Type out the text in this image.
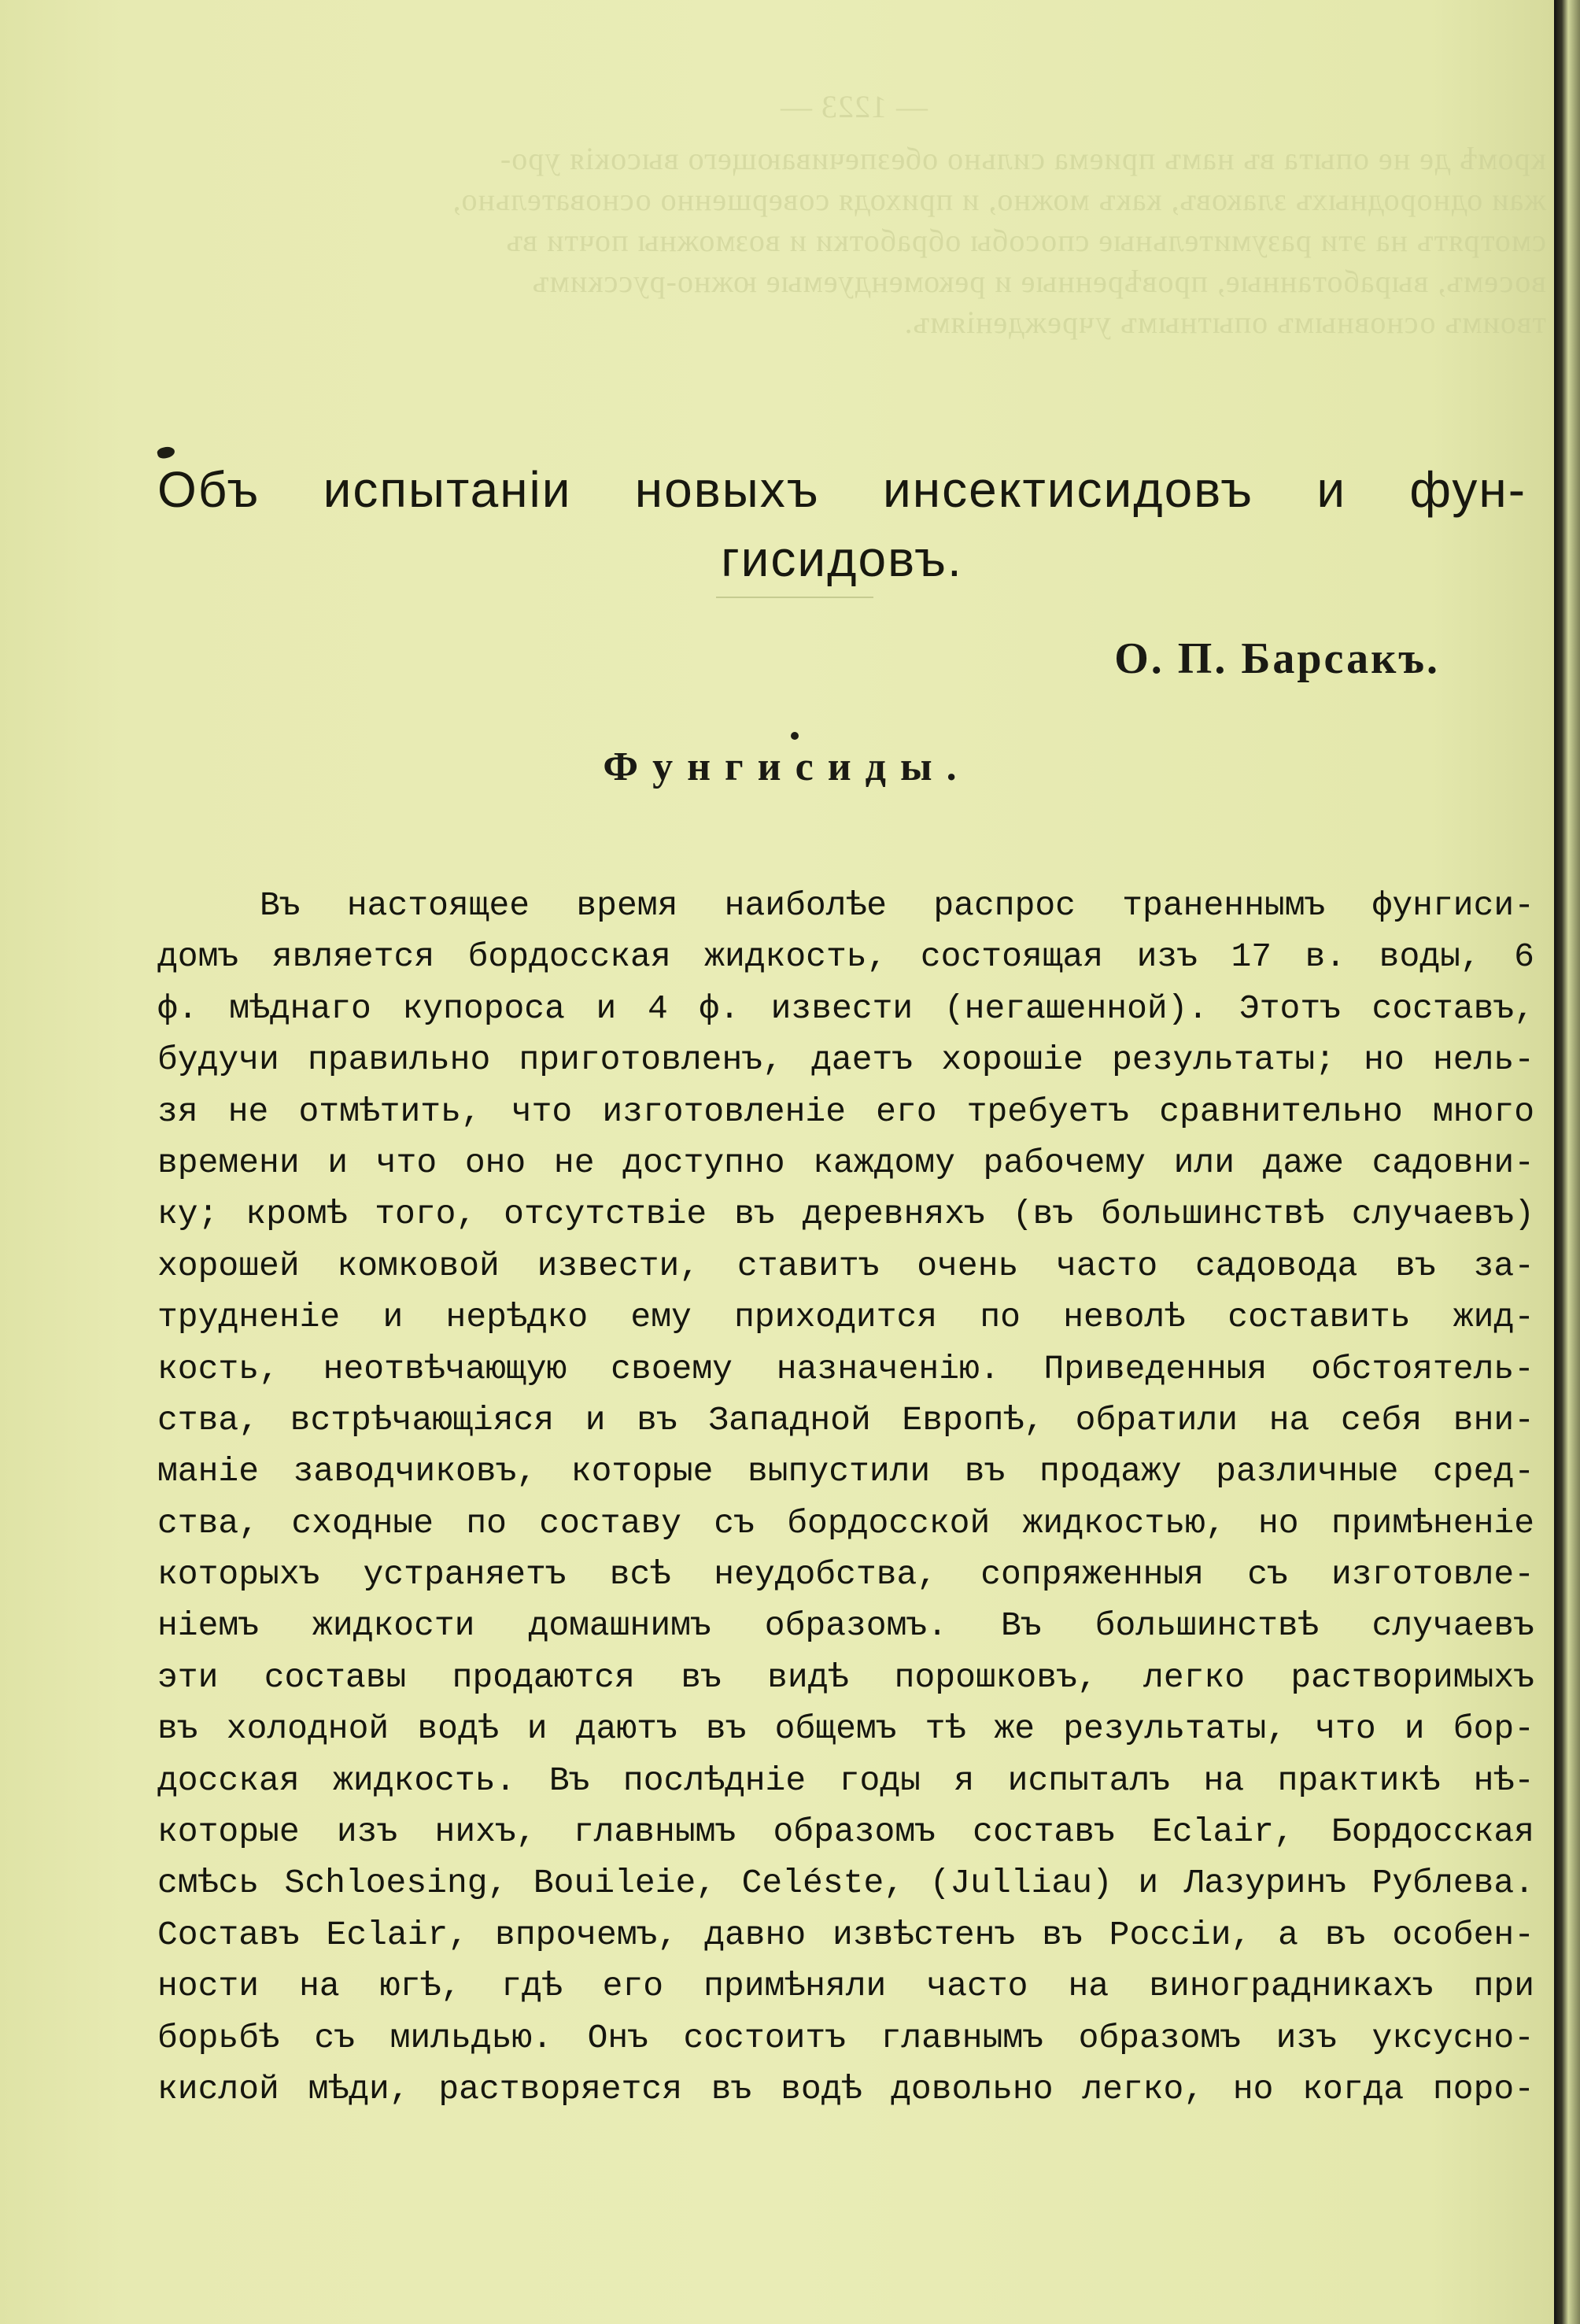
— 1223 —
кромѣ де не опыта въ намъ приема сильно обезпечивающего высокія уро-
жаи однородныхъ злаковъ, какъ можно, и приходя совершенно основательно,
смотрятъ на эти разумительные способы обработки и возможны почти въ
восемъ, выработанные, провѣренные и рекомендуемые южно-русскимъ
твоимъ основнымъ опытнымъ учрежденіямъ.
Объ испытаніи новыхъ инсектисидовъ и фун-
гисидовъ.
О. П. Барсакъ.
Фунгисиды.
Въ настоящее время наиболѣе распрос траненнымъ фунгиси-
домъ является бордосская жидкость, состоящая изъ 17 в. воды, 6
ф. мѣднаго купороса и 4 ф. извести (негашенной). Этотъ составъ,
будучи правильно приготовленъ, даетъ хорошіе результаты; но нель-
зя не отмѣтить, что изготовленіе его требуетъ сравнительно много
времени и что оно не доступно каждому рабочему или даже садовни-
ку; кромѣ того, отсутствіе въ деревняхъ (въ большинствѣ случаевъ)
хорошей комковой извести, ставитъ очень часто садовода въ за-
трудненіе и нерѣдко ему приходится по неволѣ составить жид-
кость, неотвѣчающую своему назначенію. Приведенныя обстоятель-
ства, встрѣчающіяся и въ Западной Европѣ, обратили на себя вни-
маніе заводчиковъ, которые выпустили въ продажу различные сред-
ства, сходные по составу съ бордосской жидкостью, но примѣненіе
которыхъ устраняетъ всѣ неудобства, сопряженныя съ изготовле-
ніемъ жидкости домашнимъ образомъ. Въ большинствѣ случаевъ
эти составы продаются въ видѣ порошковъ, легко растворимыхъ
въ холодной водѣ и даютъ въ общемъ тѣ же результаты, что и бор-
досская жидкость. Въ послѣдніе годы я испыталъ на практикѣ нѣ-
которые изъ нихъ, главнымъ образомъ составъ Eclair, Бордосская
смѣсь Schloesing, Bouileie, Celéste, (Julliau) и Лазуринъ Рублева.
Составъ Eclair, впрочемъ, давно извѣстенъ въ Россіи, а въ особен-
ности на югѣ, гдѣ его примѣняли часто на виноградникахъ при
борьбѣ съ мильдью. Онъ состоитъ главнымъ образомъ изъ уксусно-
кислой мѣди, растворяется въ водѣ довольно легко, но когда поро-
